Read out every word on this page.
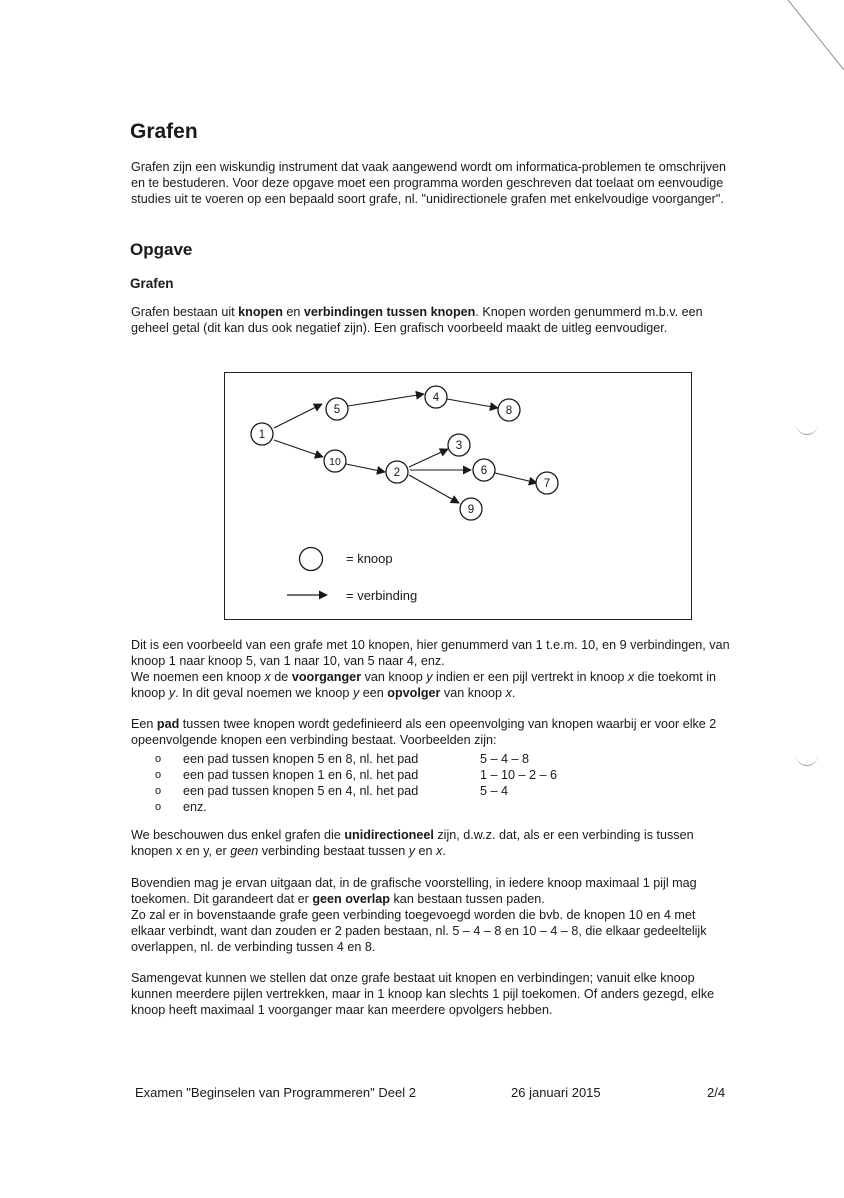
Grafen

Grafen zijn een wiskundig instrument dat vaak aangewend wordt om informatica-problemen te omschrijven en te bestuderen. Voor deze opgave moet een programma worden geschreven dat toelaat om eenvoudige studies uit te voeren op een bepaald soort grafe, nl. "unidirectionele grafen met enkelvoudige voorganger".

Opgave
Grafen

Grafen bestaan uit knopen en verbindingen tussen knopen. Knopen worden genummerd m.b.v. een geheel getal (dit kan dus ook negatief zijn). Een grafisch voorbeeld maakt de uitleg eenvoudiger.

1
5
10
4
8
2
3
6
7
9
= knoop
= verbinding
Dit is een voorbeeld van een grafe met 10 knopen, hier genummerd van 1 t.e.m. 10, en 9 verbindingen, van knoop 1 naar knoop 5, van 1 naar 10, van 5 naar 4, enz.
We noemen een knoop x de voorganger van knoop y indien er een pijl vertrekt in knoop x die toekomt in knoop y. In dit geval noemen we knoop y een opvolger van knoop x.

Een pad tussen twee knopen wordt gedefinieerd als een opeenvolging van knopen waarbij er voor elke 2 opeenvolgende knopen een verbinding bestaat. Voorbeelden zijn:

o een pad tussen knopen 5 en 8, nl. het pad	5 – 4 – 8
o een pad tussen knopen 1 en 6, nl. het pad	1 – 10 – 2 – 6
o een pad tussen knopen 5 en 4, nl. het pad	5 – 4
o enz.

We beschouwen dus enkel grafen die unidirectioneel zijn, d.w.z. dat, als er een verbinding is tussen knopen x en y, er geen verbinding bestaat tussen y en x.

Bovendien mag je ervan uitgaan dat, in de grafische voorstelling, in iedere knoop maximaal 1 pijl mag toekomen. Dit garandeert dat er geen overlap kan bestaan tussen paden.
Zo zal er in bovenstaande grafe geen verbinding toegevoegd worden die bvb. de knopen 10 en 4 met elkaar verbindt, want dan zouden er 2 paden bestaan, nl. 5 – 4 – 8 en 10 – 4 – 8, die elkaar gedeeltelijk overlappen, nl. de verbinding tussen 4 en 8.

Samengevat kunnen we stellen dat onze grafe bestaat uit knopen en verbindingen; vanuit elke knoop kunnen meerdere pijlen vertrekken, maar in 1 knoop kan slechts 1 pijl toekomen. Of anders gezegd, elke knoop heeft maximaal 1 voorganger maar kan meerdere opvolgers hebben.

Examen "Beginselen van Programmeren" Deel 2	26 januari 2015	2/4
